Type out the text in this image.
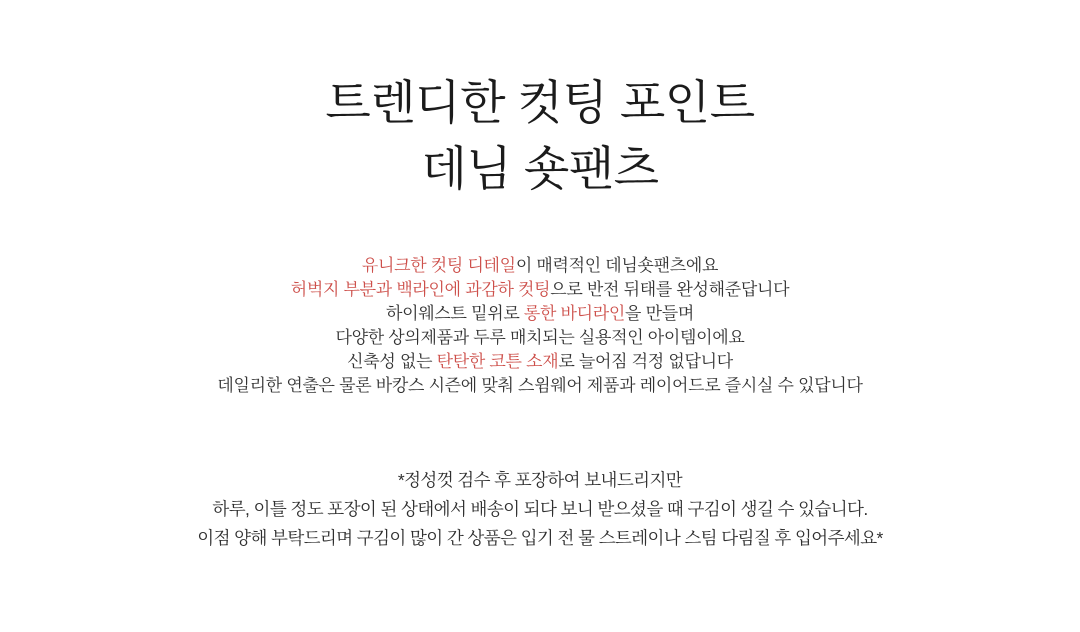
트렌디한 컷팅 포인트

데님 숏팬츠

유니크한 컷팅 디테일이 매력적인 데님숏팬츠에요

허벅지 부분과 백라인에 과감하 컷팅으로 반전 뒤태를 완성해준답니다

하이웨스트 밑위로 롱한 바디라인을 만들며

다양한 상의제품과 두루 매치되는 실용적인 아이템이에요

신축성 없는 탄탄한 코튼 소재로 늘어짐 걱정 없답니다

데일리한 연출은 물론 바캉스 시즌에 맞춰 스윔웨어 제품과 레이어드로 즐시실 수 있답니다

*정성껏 검수 후 포장하여 보내드리지만

하루, 이틀 정도 포장이 된 상태에서 배송이 되다 보니 받으셨을 때 구김이 생길 수 있습니다.

이점 양해 부탁드리며 구김이 많이 간 상품은 입기 전 물 스트레이나 스팀 다림질 후 입어주세요*
